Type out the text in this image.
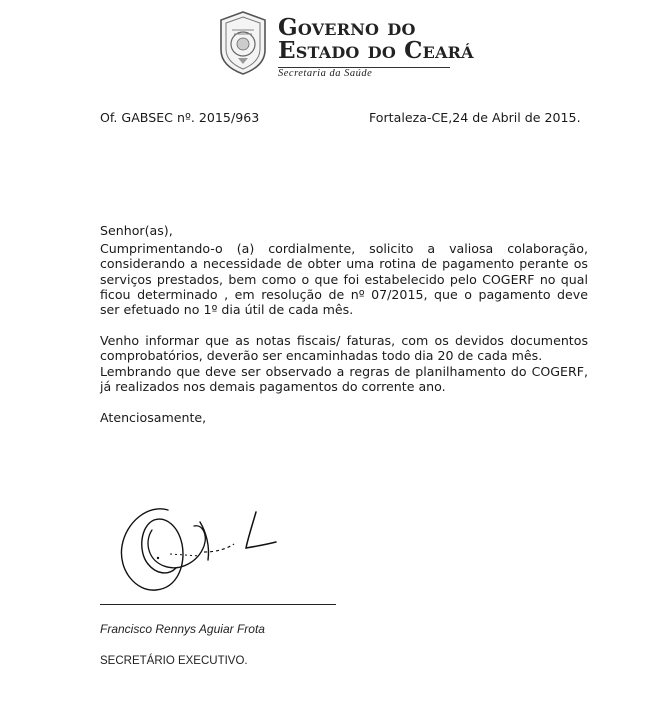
Governo do
Estado do Ceará
Secretaria da Saúde
Of. GABSEC nº. 2015/963	Fortaleza-CE,24 de Abril de 2015.
Senhor(as),
Cumprimentando-o (a) cordialmente, solicito a valiosa colaboração,
considerando a necessidade de obter uma rotina de pagamento perante os
serviços prestados, bem como o que foi estabelecido pelo COGERF no qual
ficou determinado , em resolução de nº 07/2015, que o pagamento deve
ser efetuado no 1º dia útil de cada mês.
Venho informar que as notas fiscais/ faturas, com os devidos documentos
comprobatórios, deverão ser encaminhadas todo dia 20 de cada mês.
Lembrando que deve ser observado a regras de planilhamento do COGERF,
já realizados nos demais pagamentos do corrente ano.
Atenciosamente,
Francisco Rennys Aguiar Frota
SECRETÁRIO EXECUTIVO.
